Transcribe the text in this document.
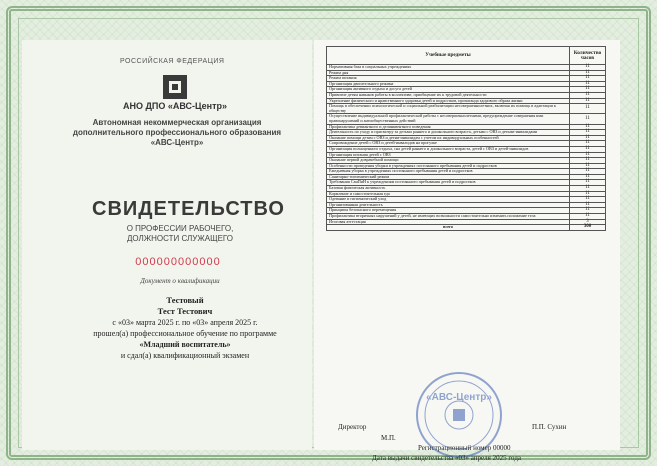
РОССИЙСКАЯ ФЕДЕРАЦИЯ
АНО ДПО «АВС-Центр»
Автономная некоммерческая организация
дополнительного профессионального образования
«АВС-Центр»
СВИДЕТЕЛЬСТВО
О ПРОФЕССИИ РАБОЧЕГО,
ДОЛЖНОСТИ СЛУЖАЩЕГО
000000000000
Документ о квалификации
Тестовый
Тест Тестович
с «03» марта 2025 г. по «03» апреля 2025 г.
прошел(а) профессиональное обучение по программе
«Младший воспитатель»
и сдал(а) квалификационный экзамен
Учебные предметы	Количество часов
Нормативная база в социальных учреждениях	11
Режим дня	11
Режим питания	11
Организация двигательного режима	11
Организация активного отдыха и досуга детей	11
Привитие детям навыков работы в коллективе, приобщение их к трудовой деятельности	11
Укрепление физического и нравственного здоровья детей и подростков, пропаганда здорового образа жизни	11
Помощь в обеспечении психологической и социальной реабилитации несовершеннолетних, включая их помощь в адаптации к обществу	11
Осуществление индивидуальной профилактической работы с несовершеннолетними, предупреждение совершения ими правонарушений и антиобщественных действий	11
Профилактика девиантного и делинквентного поведения	11
Деятельность по уходу и присмотру за детьми раннего и дошкольного возраста, детьми с ОВЗ и детьми-инвалидами	11
Оказание помощи детям с ОВЗ и детям-инвалидам с учетом их индивидуальных особенностей	11
Сопровождение детей с ОВЗ и детей-инвалидов на прогулке	11
Организация полноценного отдыха, сна детей раннего и дошкольного возраста, детей с ОВЗ и детей-инвалидов	11
Организация питания детей с ОВЗ	11
Оказание первой доврачебной помощи	11
Особенности проведения уборки в учреждениях постоянного пребывания детей и подростков	11
Ежедневная уборка в учреждениях постоянного пребывания детей и подростков	11
Санитарно-гигиенический режим	11
Требования СанПиН к учреждениям постоянного пребывания детей и подростков	11
Базовая физическая активность	11
Кормление и самостоятельная еда	11
Одевание и гигиенический уход	11
Организованная деятельность	11
Принципы безопасного перемещения	11
Профилактика вторичных нарушений у детей, не имеющих возможности самостоятельно изменять положение тела	11
Итоговая аттестация	3
всего	300
«АВС-Центр»
Директор	П.П. Сухин
М.П.
Регистрационный номер 00000
Дата выдачи свидетельства «03» апреля 2025 года
